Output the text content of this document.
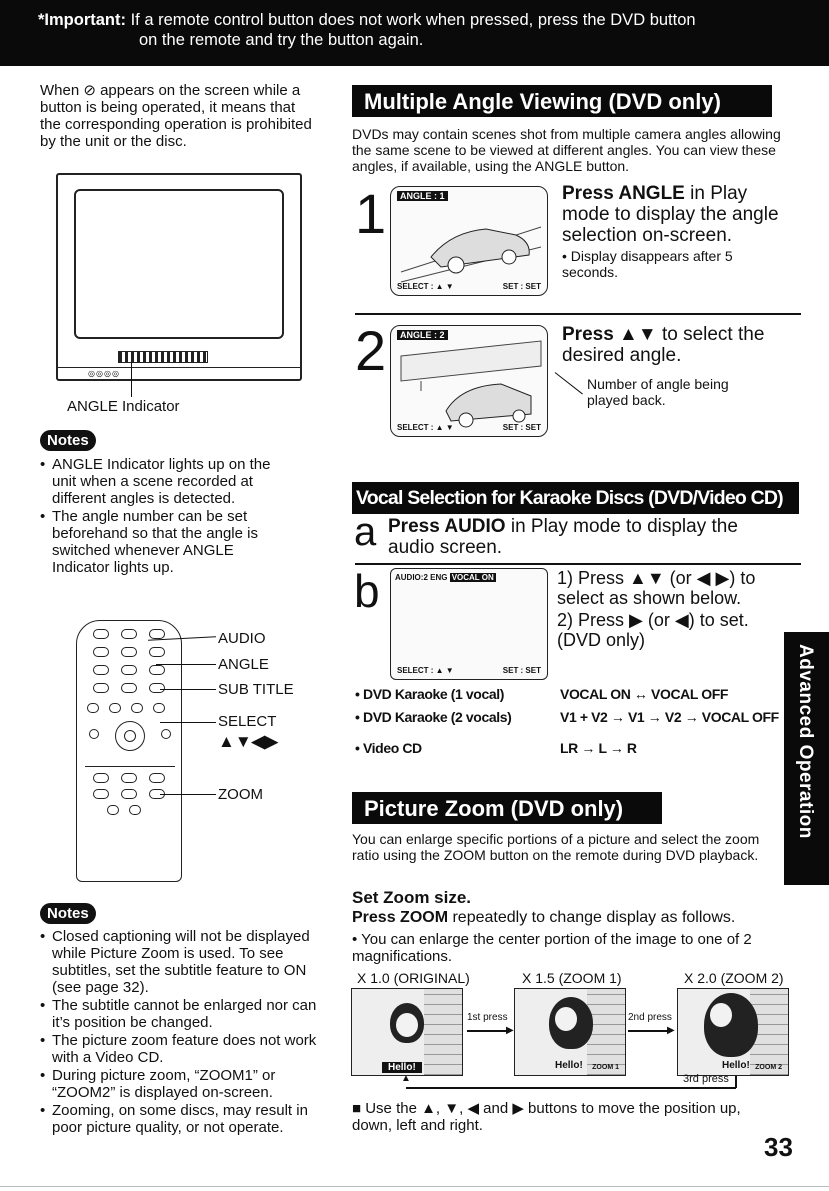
*Important: If a remote control button does not work when pressed, press the DVD button
on the remote and try the button again.
When ⊘ appears on the screen while a button is being operated, it means that the corresponding operation is prohibited by the unit or the disc.
◎◎◎◎
ANGLE Indicator
Notes
• ANGLE Indicator lights up on the unit when a scene recorded at different angles is detected.
• The angle number can be set beforehand so that the angle is switched whenever ANGLE Indicator lights up.
AUDIO
ANGLE
SUB TITLE
SELECT
▲▼◀▶
ZOOM
Notes
• Closed captioning will not be displayed while Picture Zoom is used. To see subtitles, set the subtitle feature to ON (see page 32).
• The subtitle cannot be enlarged nor can it’s position be changed.
• The picture zoom feature does not work with a Video CD.
• During picture zoom, “ZOOM1” or “ZOOM2” is displayed on-screen.
• Zooming, on some discs, may result in poor picture quality, or not operate.
Multiple Angle Viewing (DVD only)
DVDs may contain scenes shot from multiple camera angles allowing the same scene to be viewed at different angles. You can view these angles, if available, using the ANGLE button.
1	ANGLE : 1
SELECT : ▲ ▼	SET : SET
Press ANGLE in Play mode to display the angle selection on-screen.
• Display disappears after 5 seconds.
2	ANGLE : 2
SELECT : ▲ ▼	SET : SET
Press ▲▼ to select the desired angle.
Number of angle being played back.
Vocal Selection for Karaoke Discs (DVD/Video CD)
a Press AUDIO in Play mode to display the audio screen.
b AUDIO:2 ENG VOCAL ON
SELECT : ▲ ▼	SET : SET
1) Press ▲▼ (or ◀ ▶) to select as shown below.
2) Press ▶ (or ◀) to set. (DVD only)
• DVD Karaoke (1 vocal)	VOCAL ON ↔ VOCAL OFF
• DVD Karaoke (2 vocals)	V1 + V2 → V1 → V2 → VOCAL OFF
• Video CD	LR → L → R
Picture Zoom (DVD only)
You can enlarge specific portions of a picture and select the zoom ratio using the ZOOM button on the remote during DVD playback.
Set Zoom size.
Press ZOOM repeatedly to change display as follows.
• You can enlarge the center portion of the image to one of 2 magnifications.
X 1.0 (ORIGINAL)	X 1.5 (ZOOM 1)	X 2.0 (ZOOM 2)
Hello!
1st press
▶
Hello! ZOOM 1
2nd press
▶
Hello! ZOOM 2
▲	3rd press
■ Use the ▲, ▼, ◀ and ▶ buttons to move the position up, down, left and right.
Advanced Operation
33
